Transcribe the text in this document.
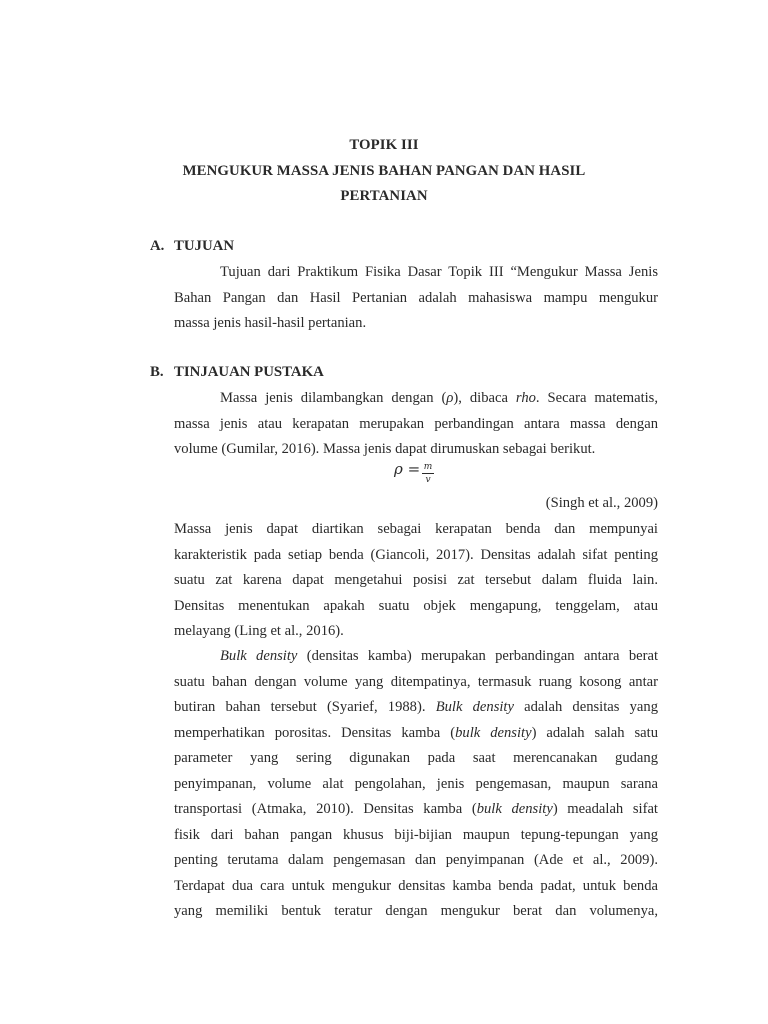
TOPIK III
MENGUKUR MASSA JENIS BAHAN PANGAN DAN HASIL
PERTANIAN
A. TUJUAN
Tujuan dari Praktikum Fisika Dasar Topik III “Mengukur Massa Jenis
Bahan Pangan dan Hasil Pertanian adalah mahasiswa mampu mengukur
massa jenis hasil-hasil pertanian.
B. TINJAUAN PUSTAKA
Massa jenis dilambangkan dengan (ρ), dibaca rho. Secara matematis,
massa jenis atau kerapatan merupakan perbandingan antara massa dengan
volume (Gumilar, 2016). Massa jenis dapat dirumuskan sebagai berikut.
ρ = m
v
(Singh et al., 2009)
Massa jenis dapat diartikan sebagai kerapatan benda dan mempunyai
karakteristik pada setiap benda (Giancoli, 2017). Densitas adalah sifat penting
suatu zat karena dapat mengetahui posisi zat tersebut dalam fluida lain.
Densitas menentukan apakah suatu objek mengapung, tenggelam, atau
melayang (Ling et al., 2016).
Bulk density (densitas kamba) merupakan perbandingan antara berat
suatu bahan dengan volume yang ditempatinya, termasuk ruang kosong antar
butiran bahan tersebut (Syarief, 1988). Bulk density adalah densitas yang
memperhatikan porositas. Densitas kamba (bulk density) adalah salah satu
parameter yang sering digunakan pada saat merencanakan gudang
penyimpanan, volume alat pengolahan, jenis pengemasan, maupun sarana
transportasi (Atmaka, 2010). Densitas kamba (bulk density) meadalah sifat
fisik dari bahan pangan khusus biji-bijian maupun tepung-tepungan yang
penting terutama dalam pengemasan dan penyimpanan (Ade et al., 2009).
Terdapat dua cara untuk mengukur densitas kamba benda padat, untuk benda
yang memiliki bentuk teratur dengan mengukur berat dan volumenya,
